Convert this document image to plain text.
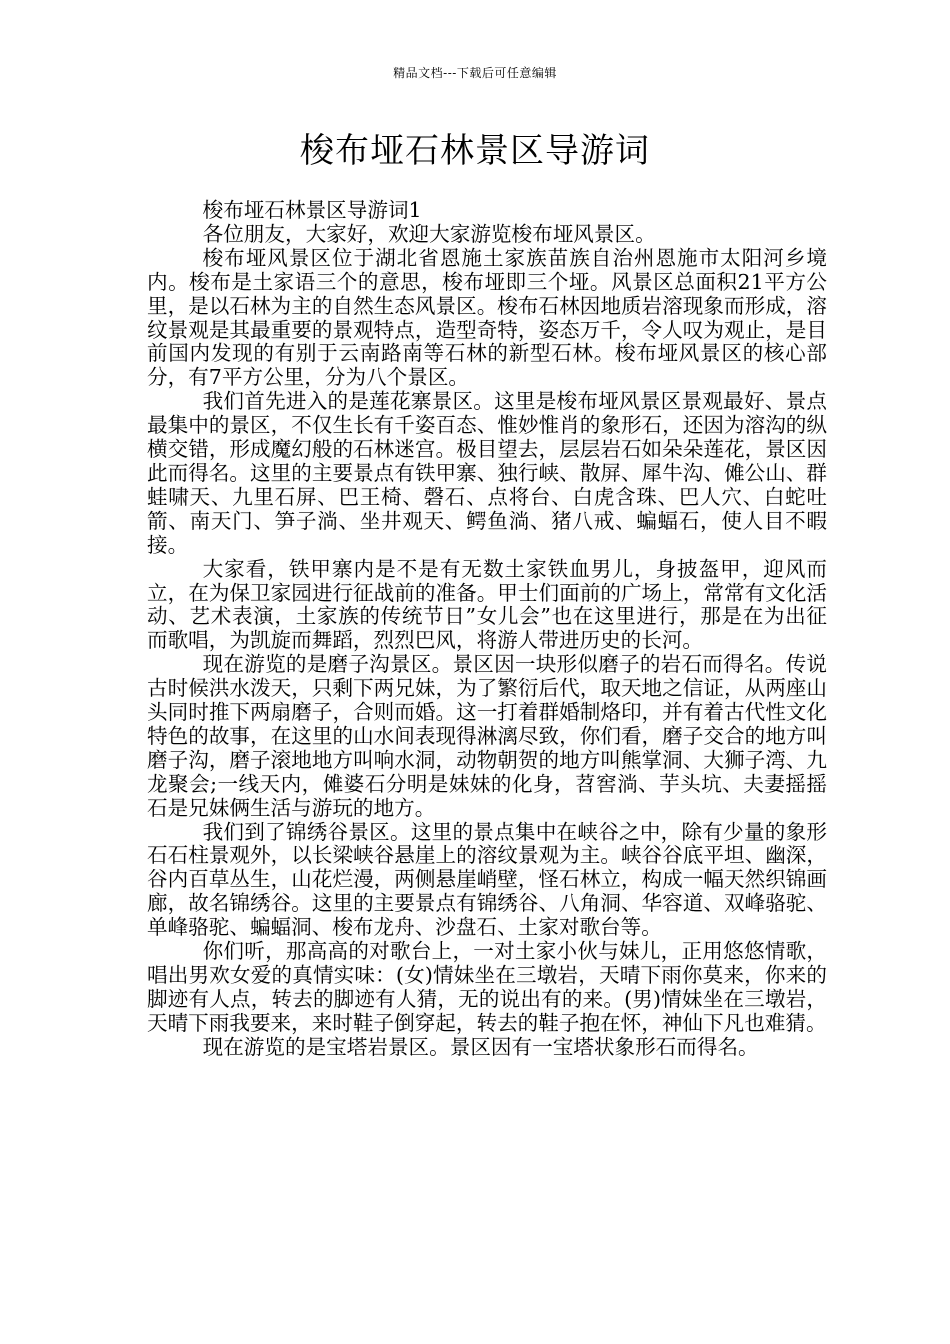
精品文档---下载后可任意编辑
梭布垭石林景区导游词

梭布垭石林景区导游词1

各位朋友，大家好，欢迎大家游览梭布垭风景区。

梭布垭风景区位于湖北省恩施土家族苗族自治州恩施市太阳河乡境内。梭布是土家语三个的意思，梭布垭即三个垭。风景区总面积21平方公里，是以石林为主的自然生态风景区。梭布石林因地质岩溶现象而形成，溶纹景观是其最重要的景观特点，造型奇特，姿态万千，令人叹为观止，是目前国内发现的有别于云南路南等石林的新型石林。梭布垭风景区的核心部分，有7平方公里，分为八个景区。

我们首先进入的是莲花寨景区。这里是梭布垭风景区景观最好、景点最集中的景区，不仅生长有千姿百态、惟妙惟肖的象形石，还因为溶沟的纵横交错，形成魔幻般的石林迷宫。极目望去，层层岩石如朵朵莲花，景区因此而得名。这里的主要景点有铁甲寨、独行峡、散屏、犀牛沟、傩公山、群蛙啸天、九里石屏、巴王椅、磬石、点将台、白虎含珠、巴人穴、白蛇吐箭、南天门、笋子淌、坐井观天、鳄鱼淌、猪八戒、蝙蝠石，使人目不暇接。

大家看，铁甲寨内是不是有无数土家铁血男儿，身披盔甲，迎风而立，在为保卫家园进行征战前的准备。甲士们面前的广场上，常常有文化活动、艺术表演，土家族的传统节日”女儿会”也在这里进行，那是在为出征而歌唱，为凯旋而舞蹈，烈烈巴风，将游人带进历史的长河。

现在游览的是磨子沟景区。景区因一块形似磨子的岩石而得名。传说古时候洪水泼天，只剩下两兄妹，为了繁衍后代，取天地之信证，从两座山头同时推下两扇磨子，合则而婚。这一打着群婚制烙印，并有着古代性文化特色的故事，在这里的山水间表现得淋漓尽致，你们看，磨子交合的地方叫磨子沟，磨子滚地地方叫响水洞，动物朝贺的地方叫熊掌洞、大狮子湾、九龙聚会;一线天内，傩婆石分明是妹妹的化身，苕窖淌、芋头坑、夫妻摇摇石是兄妹俩生活与游玩的地方。

我们到了锦绣谷景区。这里的景点集中在峡谷之中，除有少量的象形石石柱景观外，以长梁峡谷悬崖上的溶纹景观为主。峡谷谷底平坦、幽深，谷内百草丛生，山花烂漫，两侧悬崖峭壁，怪石林立，构成一幅天然织锦画廊，故名锦绣谷。这里的主要景点有锦绣谷、八角洞、华容道、双峰骆驼、单峰骆驼、蝙蝠洞、梭布龙舟、沙盘石、土家对歌台等。

你们听，那高高的对歌台上，一对土家小伙与妹儿，正用悠悠情歌，唱出男欢女爱的真情实味：(女)情妹坐在三墩岩，天晴下雨你莫来，你来的脚迹有人点，转去的脚迹有人猜，无的说出有的来。(男)情妹坐在三墩岩，天晴下雨我要来，来时鞋子倒穿起，转去的鞋子抱在怀，神仙下凡也难猜。

现在游览的是宝塔岩景区。景区因有一宝塔状象形石而得名。
